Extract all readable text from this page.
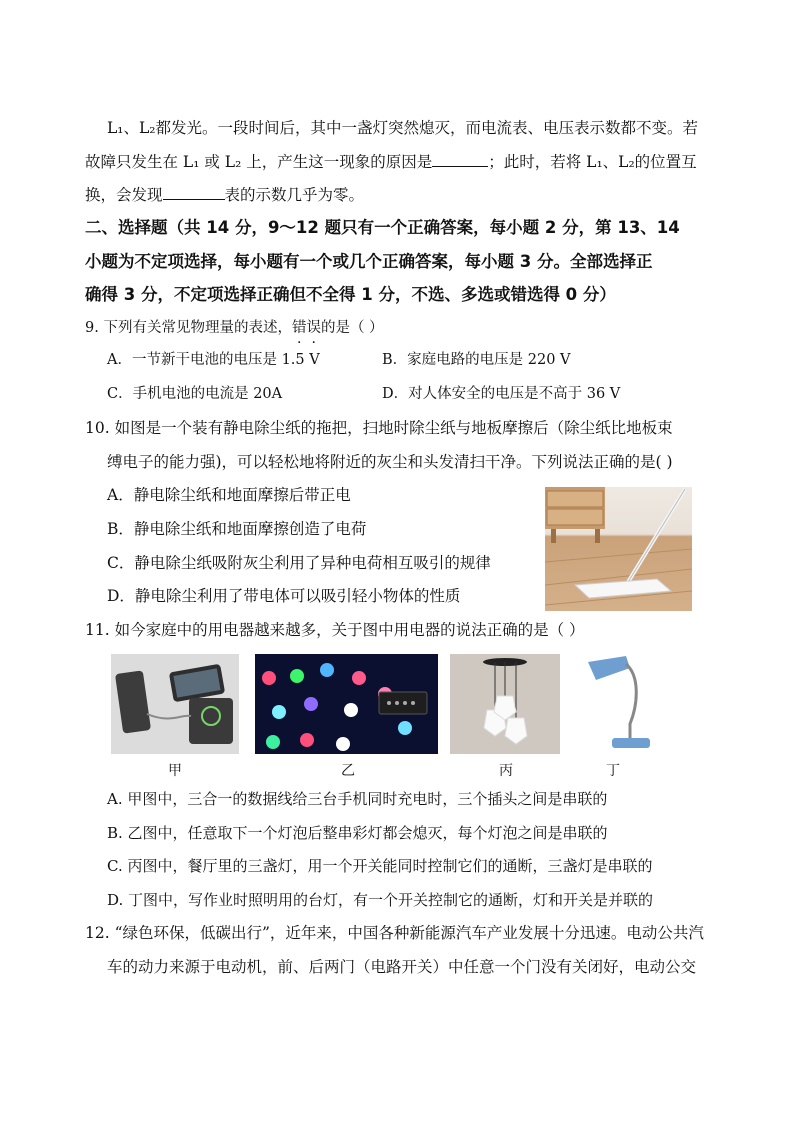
L₁、L₂都发光。一段时间后，其中一盏灯突然熄灭，而电流表、电压表示数都不变。若
故障只发生在 L₁ 或 L₂ 上，产生这一现象的原因是	；此时，若将 L₁、L₂的位置互
换，会发现	表的示数几乎为零。
二、选择题（共 14 分，9～12 题只有一个正确答案，每小题 2 分，第 13、14
小题为不定项选择，每小题有一个或几个正确答案，每小题 3 分。全部选择正
确得 3 分，不定项选择正确但不全得 1 分，不选、多选或错选得 0 分）
9. 下列有关常见物理量的表述，错误的是（ ）
A．一节新干电池的电压是 1.5 V	B．家庭电路的电压是 220 V
C．手机电池的电流是 20A	D．对人体安全的电压是不高于 36 V
10. 如图是一个装有静电除尘纸的拖把，扫地时除尘纸与地板摩擦后（除尘纸比地板束
缚电子的能力强)，可以轻松地将附近的灰尘和头发清扫干净。下列说法正确的是( )
A．静电除尘纸和地面摩擦后带正电
B．静电除尘纸和地面摩擦创造了电荷
C．静电除尘纸吸附灰尘利用了异种电荷相互吸引的规律
D．静电除尘利用了带电体可以吸引轻小物体的性质
11. 如今家庭中的用电器越来越多，关于图中用电器的说法正确的是（ ）
甲	乙	丙	丁
A. 甲图中，三合一的数据线给三台手机同时充电时，三个插头之间是串联的
B. 乙图中，任意取下一个灯泡后整串彩灯都会熄灭，每个灯泡之间是串联的
C. 丙图中，餐厅里的三盏灯，用一个开关能同时控制它们的通断，三盏灯是串联的
D. 丁图中，写作业时照明用的台灯，有一个开关控制它的通断，灯和开关是并联的
12. “绿色环保，低碳出行”，近年来，中国各种新能源汽车产业发展十分迅速。电动公共汽
车的动力来源于电动机，前、后两门（电路开关）中任意一个门没有关闭好，电动公交
